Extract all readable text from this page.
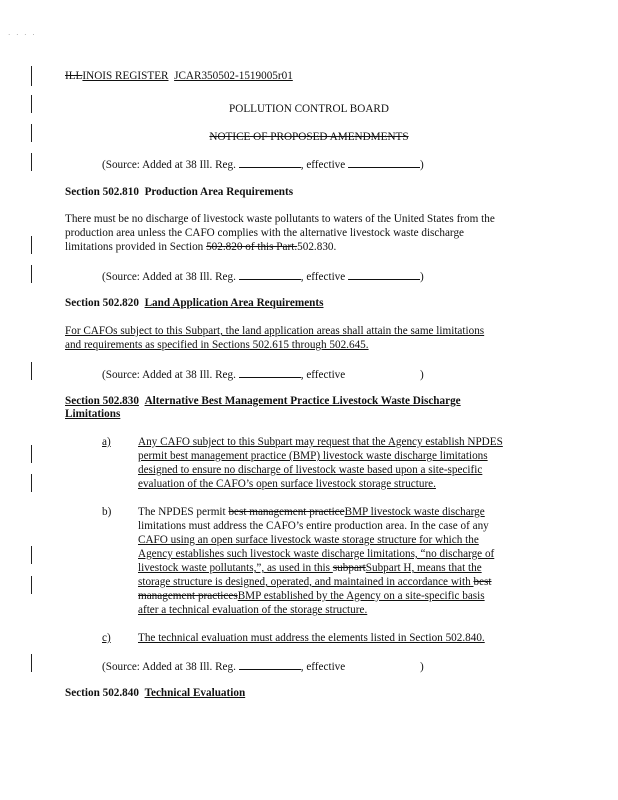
· · · ·
ILLINOIS REGISTER JCAR350502-1519005r01
POLLUTION CONTROL BOARD
NOTICE OF PROPOSED AMENDMENTS
(Source: Added at 38 Ill. Reg.	, effective	)
Section 502.810 Production Area Requirements
There must be no discharge of livestock waste pollutants to waters of the United States from the
production area unless the CAFO complies with the alternative livestock waste discharge
limitations provided in Section 502.820 of this Part.502.830.
(Source: Added at 38 Ill. Reg.	, effective	)
Section 502.820 Land Application Area Requirements
For CAFOs subject to this Subpart, the land application areas shall attain the same limitations
and requirements as specified in Sections 502.615 through 502.645.
(Source: Added at 38 Ill. Reg.	, effective	)
Section 502.830 Alternative Best Management Practice Livestock Waste Discharge
Limitations
a) Any CAFO subject to this Subpart may request that the Agency establish NPDES
permit best management practice (BMP) livestock waste discharge limitations
designed to ensure no discharge of livestock waste based upon a site-specific
evaluation of the CAFO’s open surface livestock storage structure.
b) The NPDES permit best management practiceBMP livestock waste discharge
limitations must address the CAFO’s entire production area. In the case of any
CAFO using an open surface livestock waste storage structure for which the
Agency establishes such livestock waste discharge limitations, “no discharge of
livestock waste pollutants,”, as used in this subpartSubpart H, means that the
storage structure is designed, operated, and maintained in accordance with best
management practicesBMP established by the Agency on a site-specific basis
after a technical evaluation of the storage structure.
c) The technical evaluation must address the elements listed in Section 502.840.
(Source: Added at 38 Ill. Reg.	, effective	)
Section 502.840 Technical Evaluation
